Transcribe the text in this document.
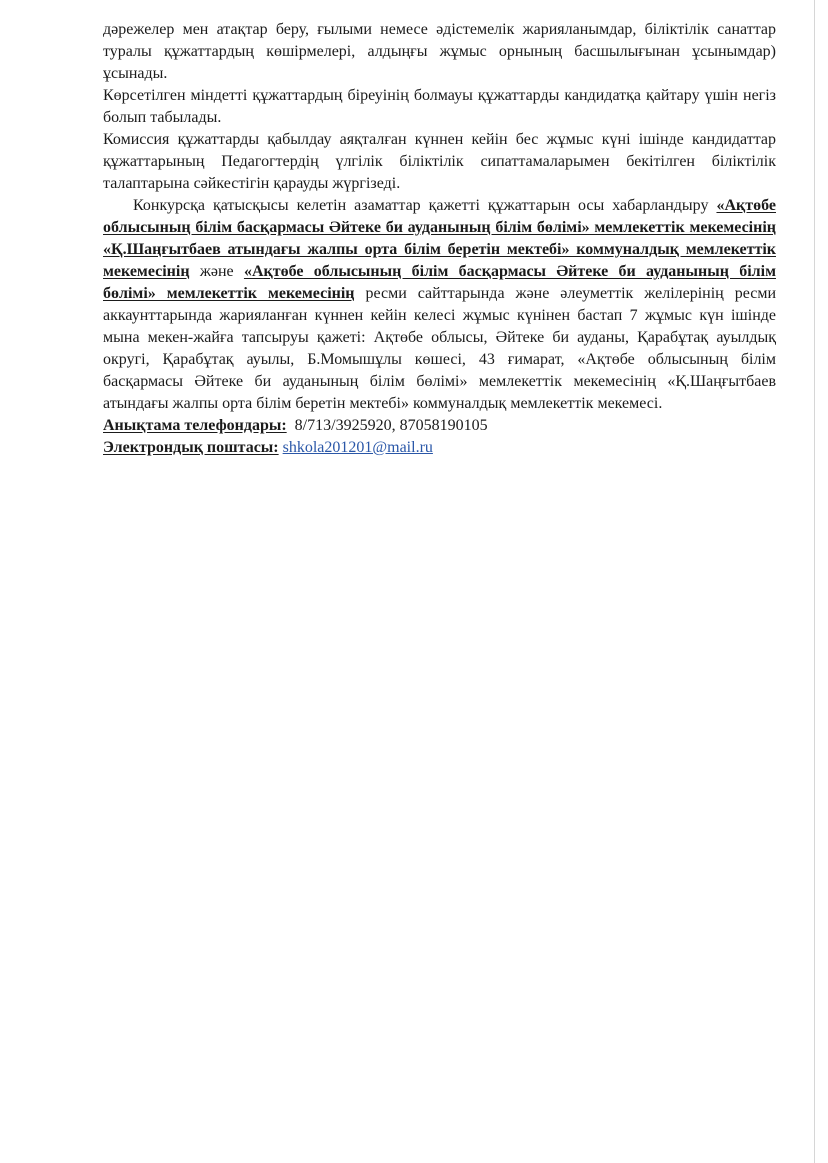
дәрежелер мен атақтар беру, ғылыми немесе әдістемелік жарияланымдар, біліктілік санаттар туралы құжаттардың көшірмелері, алдыңғы жұмыс орнының басшылығынан ұсынымдар) ұсынады.

Көрсетілген міндетті құжаттардың біреуінің болмауы құжаттарды кандидатқа қайтару үшін негіз болып табылады.

Комиссия құжаттарды қабылдау аяқталған күннен кейін бес жұмыс күні ішінде кандидаттар құжаттарының Педагогтердің үлгілік біліктілік сипаттамаларымен бекітілген біліктілік талаптарына сәйкестігін қарауды жүргізеді.

Конкурсқа қатысқысы келетін азаматтар қажетті құжаттарын осы хабарландыру «Ақтөбе облысының білім басқармасы Әйтеке би ауданының білім бөлімі» мемлекеттік мекемесінің «Қ.Шаңғытбаев атындағы жалпы орта білім беретін мектебі» коммуналдық мемлекеттік мекемесінің және «Ақтөбе облысының білім басқармасы Әйтеке би ауданының білім бөлімі» мемлекеттік мекемесінің ресми сайттарында және әлеуметтік желілерінің ресми аккаунттарында жарияланған күннен кейін келесі жұмыс күнінен бастап 7 жұмыс күн ішінде мына мекен-жайға тапсыруы қажеті: Ақтөбе облысы, Әйтеке би ауданы, Қарабұтақ ауылдық округі, Қарабұтақ ауылы, Б.Момышұлы көшесі, 43 ғимарат, «Ақтөбе облысының білім басқармасы Әйтеке би ауданының білім бөлімі» мемлекеттік мекемесінің «Қ.Шаңғытбаев атындағы жалпы орта білім беретін мектебі» коммуналдық мемлекеттік мекемесі.

Анықтама телефондары: 8/713/3925920, 87058190105

Электрондық поштасы: shkola201201@mail.ru
